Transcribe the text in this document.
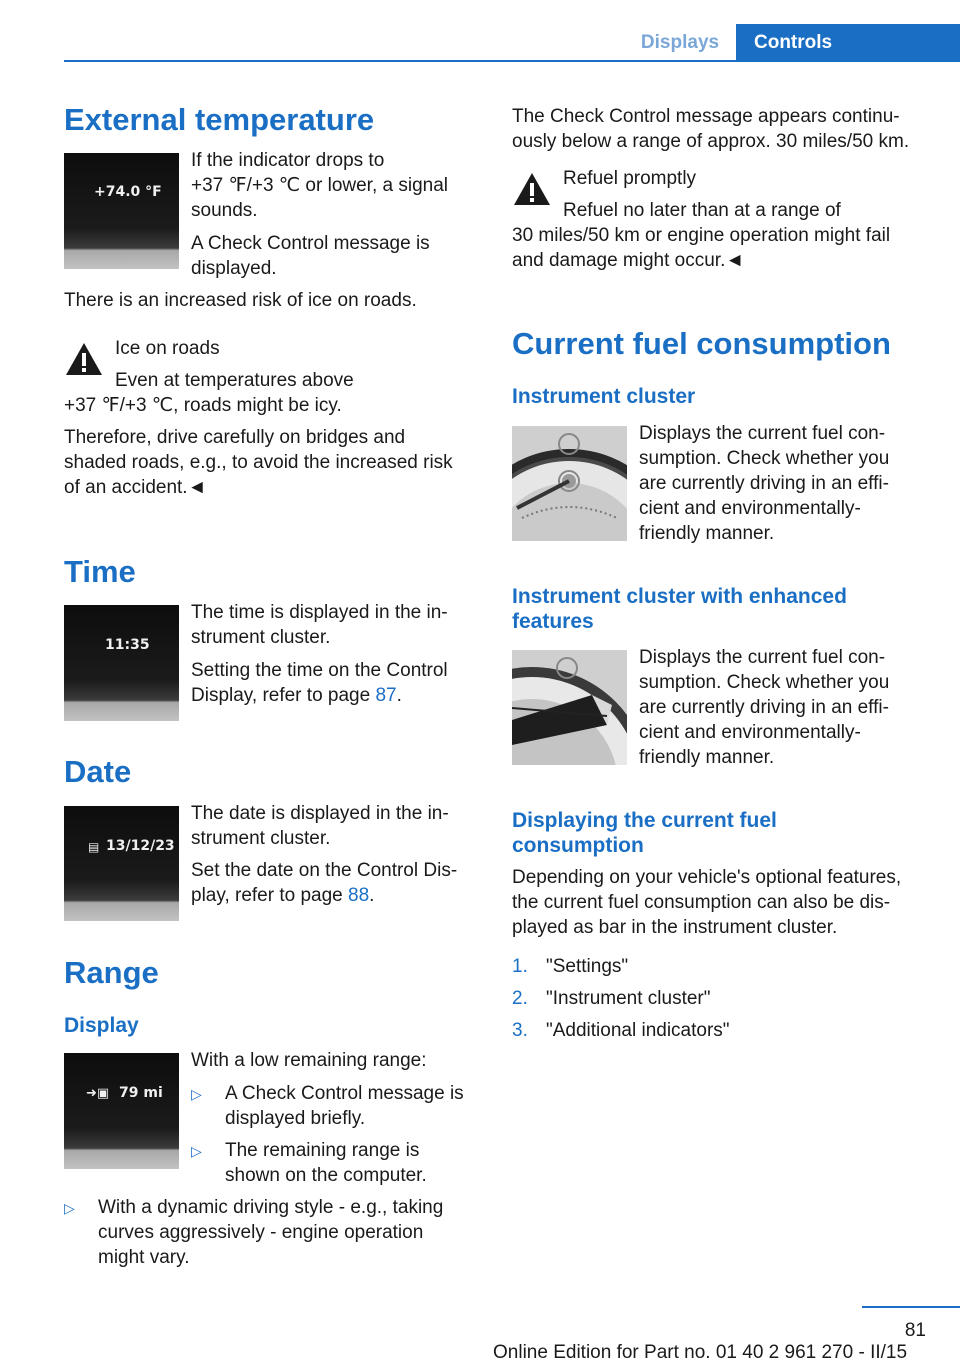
Displays	Controls
External temperature
+74.0 °F
If the indicator drops to
+37 ℉/+3 ℃ or lower, a signal
sounds.
A Check Control message is
displayed.
There is an increased risk of ice on roads.
Ice on roads
Even at temperatures above
+37 ℉/+3 ℃, roads might be icy.
Therefore, drive carefully on bridges and
shaded roads, e.g., to avoid the increased risk
of an accident.◄
Time
11:35
The time is displayed in the in-
strument cluster.
Setting the time on the Control
Display, refer to page 87.
Date
▤ 13/12/23
The date is displayed in the in-
strument cluster.
Set the date on the Control Dis-
play, refer to page 88.
Range
Display
➜▣ 79 mi
With a low remaining range:
▷ A Check Control message is
displayed briefly.
▷ The remaining range is
shown on the computer.
▷ With a dynamic driving style - e.g., taking
curves aggressively - engine operation
might vary.
The Check Control message appears continu-
ously below a range of approx. 30 miles/50 km.
Refuel promptly
Refuel no later than at a range of
30 miles/50 km or engine operation might fail
and damage might occur.◄
Current fuel consumption
Instrument cluster
Displays the current fuel con-
sumption. Check whether you
are currently driving in an effi-
cient and environmentally-
friendly manner.
Instrument cluster with enhanced
features
Displays the current fuel con-
sumption. Check whether you
are currently driving in an effi-
cient and environmentally-
friendly manner.
Displaying the current fuel
consumption
Depending on your vehicle's optional features,
the current fuel consumption can also be dis-
played as bar in the instrument cluster.
1. "Settings"
2. "Instrument cluster"
3. "Additional indicators"
81
Online Edition for Part no. 01 40 2 961 270 - II/15
